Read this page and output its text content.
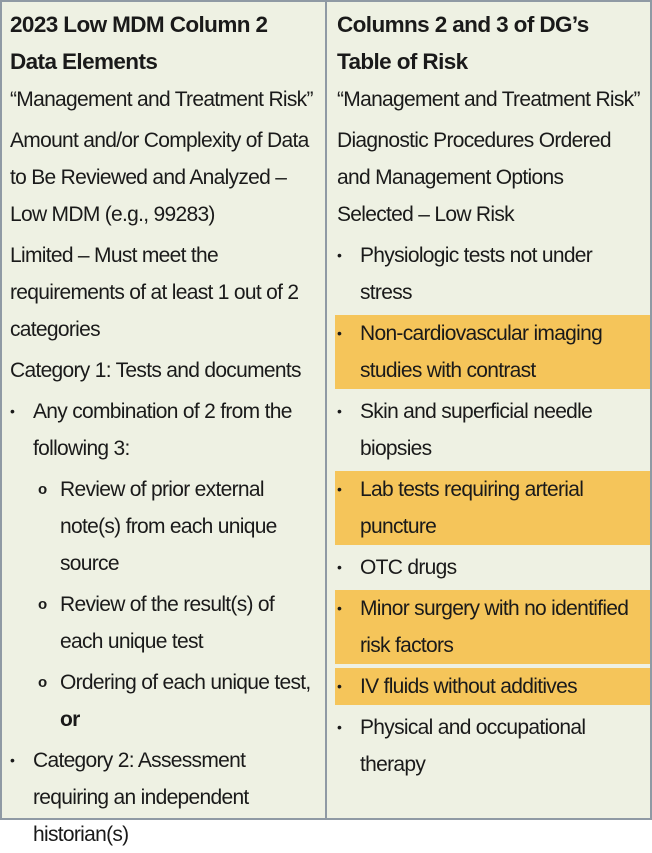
2023 Low MDM Column 2 Data Elements
“Management and Treatment Risk”
Amount and/or Complexity of Data to Be Reviewed and Analyzed – Low MDM (e.g., 99283)
Limited – Must meet the requirements of at least 1 out of 2 categories
Category 1: Tests and documents
• Any combination of 2 from the following 3:
o Review of prior external note(s) from each unique source
o Review of the result(s) of each unique test
o Ordering of each unique test,
or
• Category 2: Assessment requiring an independent historian(s)
Columns 2 and 3 of DG’s Table of Risk
“Management and Treatment Risk”
Diagnostic Procedures Ordered and Management Options Selected – Low Risk
• Physiologic tests not under stress
• Non-cardiovascular imaging studies with contrast
• Skin and superficial needle biopsies
• Lab tests requiring arterial puncture
• OTC drugs
• Minor surgery with no identified risk factors
• IV fluids without additives
• Physical and occupational therapy
